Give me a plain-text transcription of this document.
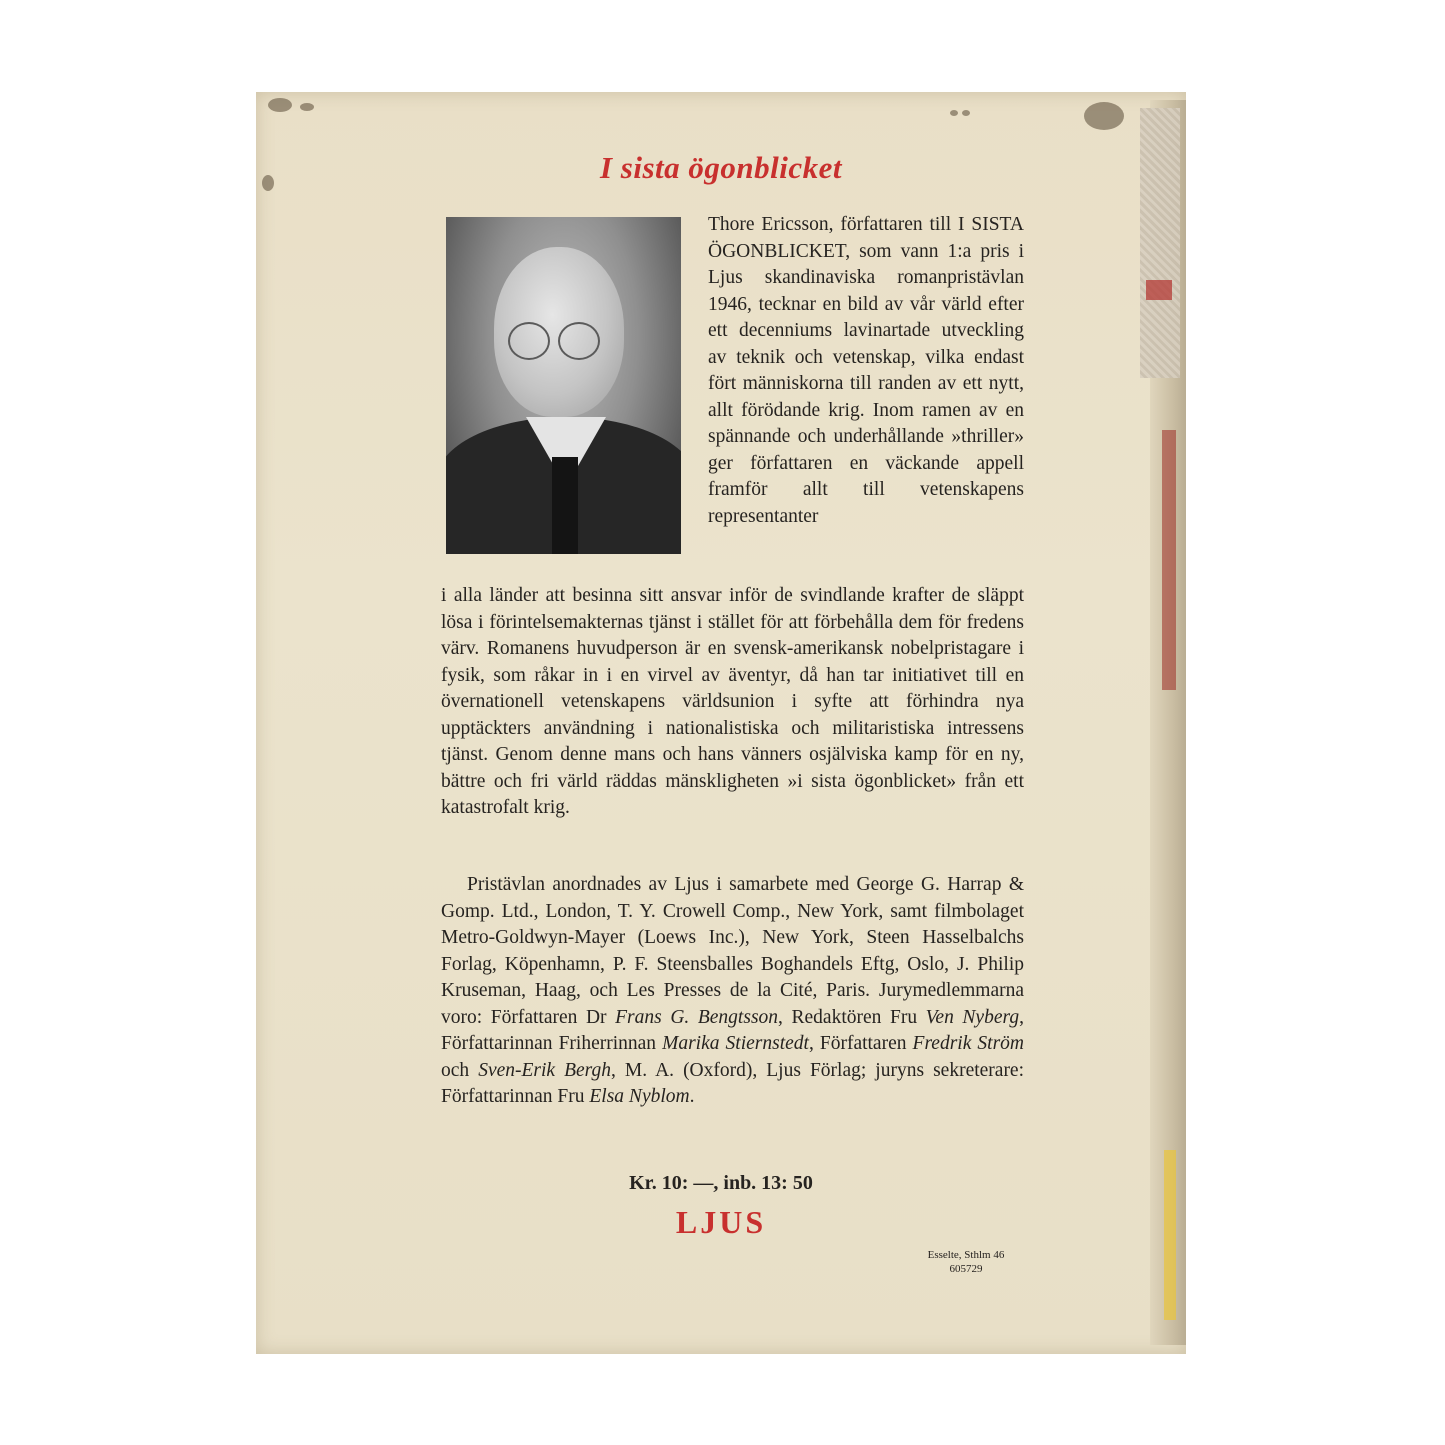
I sista ögonblicket

Thore Ericsson, författaren till I SISTA ÖGONBLICKET, som vann 1:a pris i Ljus skandinaviska romanpristävlan 1946, tecknar en bild av vår värld efter ett decenniums lavinartade utveckling av teknik och vetenskap, vilka endast fört människorna till randen av ett nytt, allt förödande krig. Inom ramen av en spännande och underhållande »thriller» ger författaren en väckande appell framför allt till vetenskapens representanter

i alla länder att besinna sitt ansvar inför de svindlande krafter de släppt lösa i förintelsemakternas tjänst i stället för att förbehålla dem för fredens värv. Romanens huvudperson är en svensk-amerikansk nobelpristagare i fysik, som råkar in i en virvel av äventyr, då han tar initiativet till en övernationell vetenskapens världsunion i syfte att förhindra nya upptäckters användning i nationalistiska och militaristiska intressens tjänst. Genom denne mans och hans vänners osjälviska kamp för en ny, bättre och fri värld räddas mänskligheten »i sista ögonblicket» från ett katastrofalt krig.

Pristävlan anordnades av Ljus i samarbete med George G. Harrap & Gomp. Ltd., London, T. Y. Crowell Comp., New York, samt filmbolaget Metro-Goldwyn-Mayer (Loews Inc.), New York, Steen Hasselbalchs Forlag, Köpenhamn, P. F. Steensballes Boghandels Eftg, Oslo, J. Philip Kruseman, Haag, och Les Presses de la Cité, Paris. Jurymedlemmarna voro: Författaren Dr Frans G. Bengtsson, Redaktören Fru Ven Nyberg, Författarinnan Friherrinnan Marika Stiernstedt, Författaren Fredrik Ström och Sven-Erik Bergh, M. A. (Oxford), Ljus Förlag; juryns sekreterare: Författarinnan Fru Elsa Nyblom.

Kr. 10: —, inb. 13: 50

LJUS

Esselte, Sthlm 46
605729
